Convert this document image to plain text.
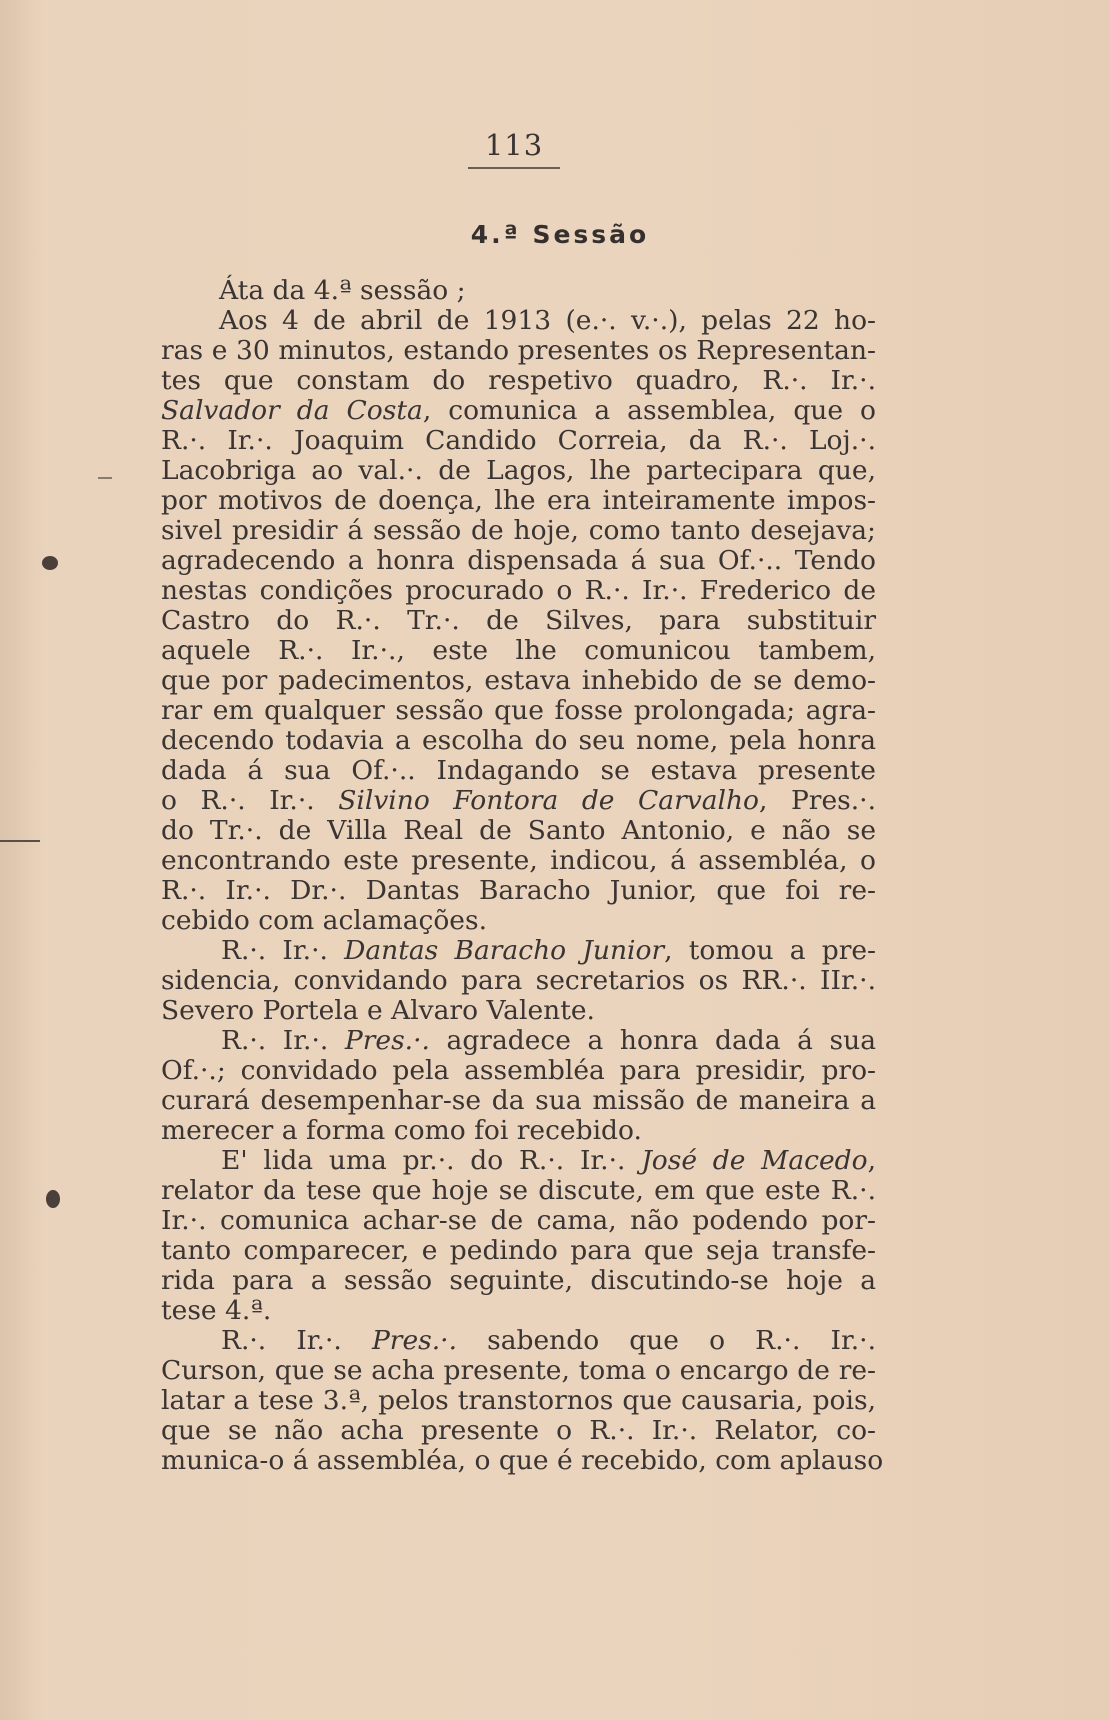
113
4.ª Sessão
Áta da 4.ª sessão ;
Aos 4 de abril de 1913 (e.·. v.·.), pelas 22 ho-
ras e 30 minutos, estando presentes os Representan-
tes que constam do respetivo quadro, R.·. Ir.·.
Salvador da Costa, comunica a assemblea, que o
R.·. Ir.·. Joaquim Candido Correia, da R.·. Loj.·.
Lacobriga ao val.·. de Lagos, lhe partecipara que,
por motivos de doença, lhe era inteiramente impos-
sivel presidir á sessão de hoje, como tanto desejava;
agradecendo a honra dispensada á sua Of.·.. Tendo
nestas condições procurado o R.·. Ir.·. Frederico de
Castro do R.·. Tr.·. de Silves, para substituir
aquele R.·. Ir.·., este lhe comunicou tambem,
que por padecimentos, estava inhebido de se demo-
rar em qualquer sessão que fosse prolongada; agra-
decendo todavia a escolha do seu nome, pela honra
dada á sua Of.·.. Indagando se estava presente
o R.·. Ir.·. Silvino Fontora de Carvalho, Pres.·.
do Tr.·. de Villa Real de Santo Antonio, e não se
encontrando este presente, indicou, á assembléa, o
R.·. Ir.·. Dr.·. Dantas Baracho Junior, que foi re-
cebido com aclamações.
R.·. Ir.·. Dantas Baracho Junior, tomou a pre-
sidencia, convidando para secretarios os RR.·. IIr.·.
Severo Portela e Alvaro Valente.
R.·. Ir.·. Pres.·. agradece a honra dada á sua
Of.·.; convidado pela assembléa para presidir, pro-
curará desempenhar-se da sua missão de maneira a
merecer a forma como foi recebido.
E' lida uma pr.·. do R.·. Ir.·. José de Macedo,
relator da tese que hoje se discute, em que este R.·.
Ir.·. comunica achar-se de cama, não podendo por-
tanto comparecer, e pedindo para que seja transfe-
rida para a sessão seguinte, discutindo-se hoje a
tese 4.ª.
R.·. Ir.·. Pres.·. sabendo que o R.·. Ir.·.
Curson, que se acha presente, toma o encargo de re-
latar a tese 3.ª, pelos transtornos que causaria, pois,
que se não acha presente o R.·. Ir.·. Relator, co-
munica-o á assembléa, o que é recebido, com aplauso
